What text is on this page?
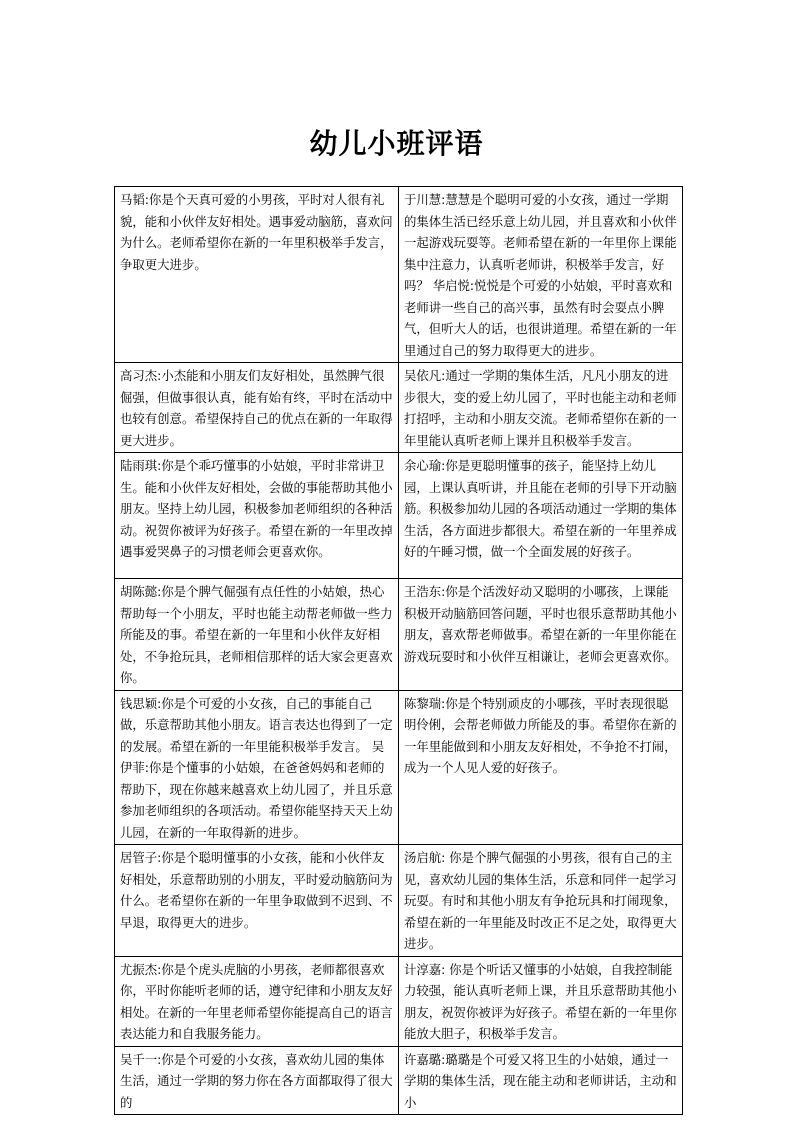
幼儿小班评语
马韬:你是个天真可爱的小男孩，平时对人很有礼貌，能和小伙伴友好相处。遇事爱动脑筋，喜欢问为什么。老师希望你在新的一年里积极举手发言，争取更大进步。	于川慧:慧慧是个聪明可爱的小女孩，通过一学期的集体生活已经乐意上幼儿园，并且喜欢和小伙伴一起游戏玩耍等。老师希望在新的一年里你上课能集中注意力，认真听老师讲，积极举手发言，好吗？ 华启悦:悦悦是个可爱的小姑娘，平时喜欢和老师讲一些自己的高兴事，虽然有时会耍点小脾气，但听大人的话，也很讲道理。希望在新的一年里通过自己的努力取得更大的进步。
高习杰:小杰能和小朋友们友好相处，虽然脾气很倔强，但做事很认真，能有始有终，平时在活动中也较有创意。希望保持自己的优点在新的一年取得更大进步。	吴依凡:通过一学期的集体生活，凡凡小朋友的进步很大，变的爱上幼儿园了，平时也能主动和老师打招呼，主动和小朋友交流。老师希望你在新的一年里能认真听老师上课并且积极举手发言。
陆雨琪:你是个乖巧懂事的小姑娘，平时非常讲卫生。能和小伙伴友好相处，会做的事能帮助其他小朋友。坚持上幼儿园，积极参加老师组织的各种活动。祝贺你被评为好孩子。希望在新的一年里改掉遇事爱哭鼻子的习惯老师会更喜欢你。	余心瑜:你是更聪明懂事的孩子，能坚持上幼儿园，上课认真听讲，并且能在老师的引导下开动脑筋。积极参加幼儿园的各项活动通过一学期的集体生活，各方面进步都很大。希望在新的一年里养成好的午睡习惯，做一个全面发展的好孩子。
胡陈懿:你是个脾气倔强有点任性的小姑娘，热心帮助每一个小朋友，平时也能主动帮老师做一些力所能及的事。希望在新的一年里和小伙伴友好相处，不争抢玩具，老师相信那样的话大家会更喜欢你。	王浩东:你是个活泼好动又聪明的小哪孩，上课能积极开动脑筋回答问题，平时也很乐意帮助其他小朋友，喜欢帮老师做事。希望在新的一年里你能在游戏玩耍时和小伙伴互相谦让，老师会更喜欢你。
钱思颖:你是个可爱的小女孩，自己的事能自己做，乐意帮助其他小朋友。语言表达也得到了一定的发展。希望在新的一年里能积极举手发言。 吴伊菲:你是个懂事的小姑娘，在爸爸妈妈和老师的帮助下，现在你越来越喜欢上幼儿园了，并且乐意参加老师组织的各项活动。希望你能坚持天天上幼儿园，在新的一年取得新的进步。	陈黎瑞:你是个特别顽皮的小哪孩，平时表现很聪明伶俐，会帮老师做力所能及的事。希望你在新的一年里能做到和小朋友友好相处，不争抢不打闹，成为一个人见人爱的好孩子。
居管子:你是个聪明懂事的小女孩，能和小伙伴友好相处，乐意帮助别的小朋友，平时爱动脑筋问为什么。老希望你在新的一年里争取做到不迟到、不早退，取得更大的进步。	汤启航: 你是个脾气倔强的小男孩，很有自己的主见，喜欢幼儿园的集体生活，乐意和同伴一起学习玩耍。有时和其他小朋友有争抢玩具和打闹现象，希望在新的一年里能及时改正不足之处，取得更大进步。
尤振杰:你是个虎头虎脑的小男孩，老师都很喜欢你，平时你能听老师的话，遵守纪律和小朋友友好相处。在新的一年里老师希望你能提高自己的语言表达能力和自我服务能力。	计淳嘉: 你是个听话又懂事的小姑娘，自我控制能力较强，能认真听老师上课，并且乐意帮助其他小朋友，祝贺你被评为好孩子。希望在新的一年里你能放大胆子，积极举手发言。
吴千一:你是个可爱的小女孩，喜欢幼儿园的集体生活，通过一学期的努力你在各方面都取得了很大的	许嘉璐:璐璐是个可爱又将卫生的小姑娘，通过一学期的集体生活，现在能主动和老师讲话，主动和小
